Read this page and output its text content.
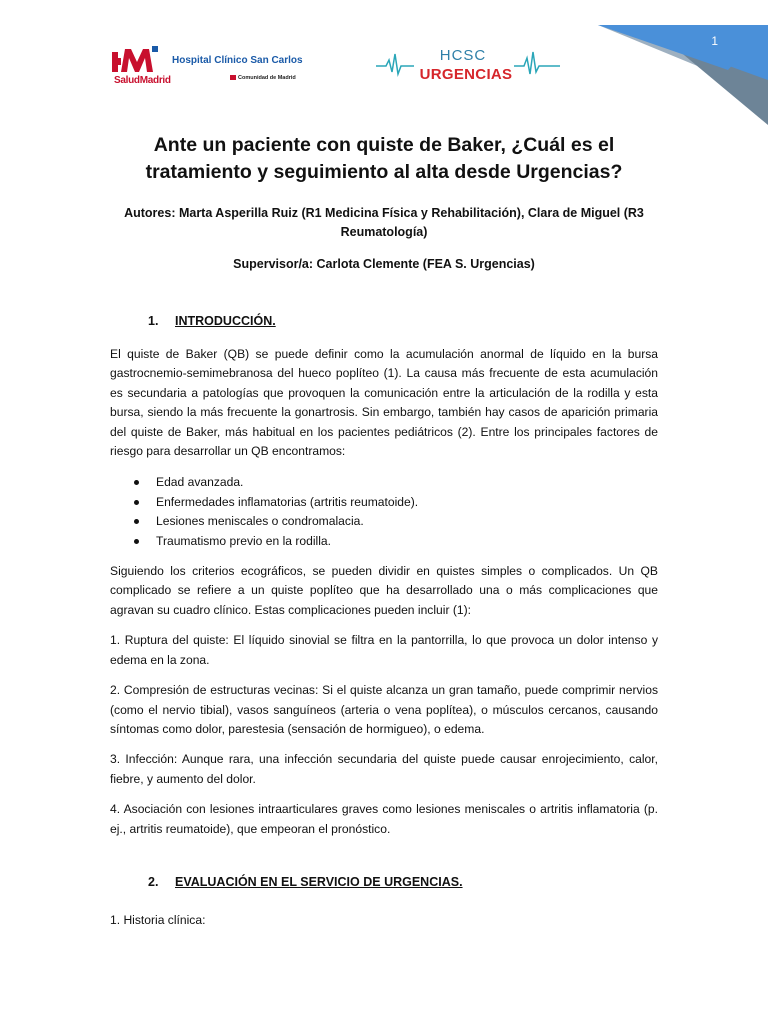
1
SaludMadrid
Hospital Clínico San Carlos
Comunidad de Madrid
HCSC
URGENCIAS
Ante un paciente con quiste de Baker, ¿Cuál es el tratamiento y seguimiento al alta desde Urgencias?
Autores: Marta Asperilla Ruiz (R1 Medicina Física y Rehabilitación), Clara de Miguel (R3 Reumatología)
Supervisor/a: Carlota Clemente (FEA S. Urgencias)
1.	INTRODUCCIÓN.

El quiste de Baker (QB) se puede definir como la acumulación anormal de líquido en la bursa gastrocnemio-semimebranosa del hueco poplíteo (1). La causa más frecuente de esta acumulación es secundaria a patologías que provoquen la comunicación entre la articulación de la rodilla y esta bursa, siendo la más frecuente la gonartrosis. Sin embargo, también hay casos de aparición primaria del quiste de Baker, más habitual en los pacientes pediátricos (2). Entre los principales factores de riesgo para desarrollar un QB encontramos:

Edad avanzada.
Enfermedades inflamatorias (artritis reumatoide).
Lesiones meniscales o condromalacia.
Traumatismo previo en la rodilla.

Siguiendo los criterios ecográficos, se pueden dividir en quistes simples o complicados. Un QB complicado se refiere a un quiste poplíteo que ha desarrollado una o más complicaciones que agravan su cuadro clínico. Estas complicaciones pueden incluir (1):

1. Ruptura del quiste: El líquido sinovial se filtra en la pantorrilla, lo que provoca un dolor intenso y edema en la zona.

2. Compresión de estructuras vecinas: Si el quiste alcanza un gran tamaño, puede comprimir nervios (como el nervio tibial), vasos sanguíneos (arteria o vena poplítea), o músculos cercanos, causando síntomas como dolor, parestesia (sensación de hormigueo), o edema.

3. Infección: Aunque rara, una infección secundaria del quiste puede causar enrojecimiento, calor, fiebre, y aumento del dolor.

4. Asociación con lesiones intraarticulares graves como lesiones meniscales o artritis inflamatoria (p. ej., artritis reumatoide), que empeoran el pronóstico.

2.	EVALUACIÓN EN EL SERVICIO DE URGENCIAS.

1. Historia clínica:
